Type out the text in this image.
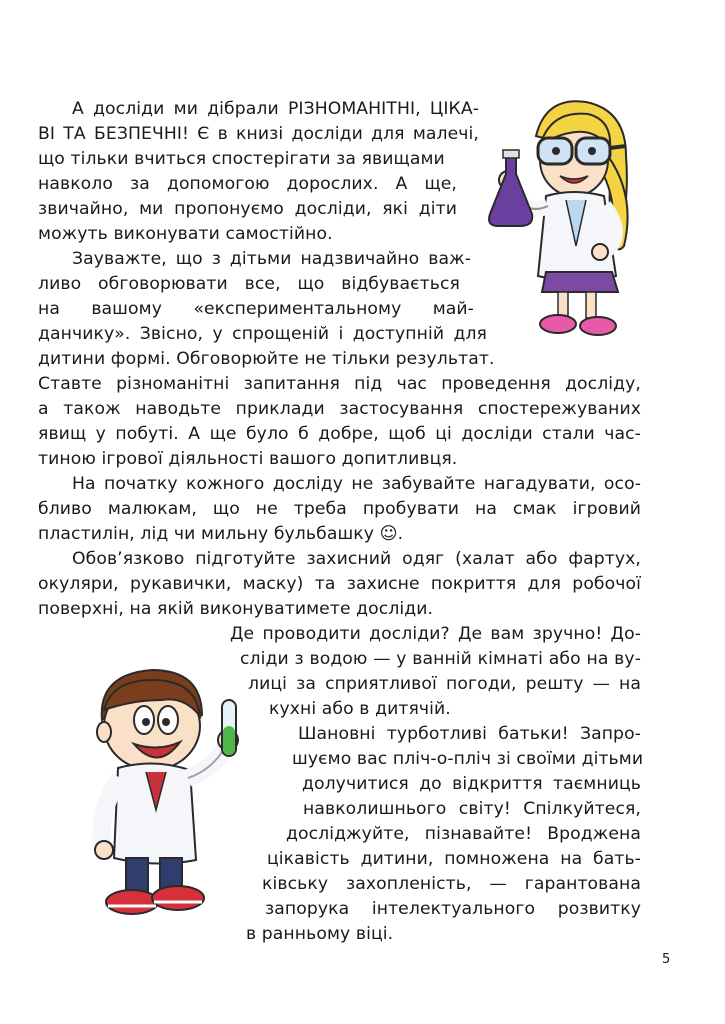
А досліди ми дібрали РІЗНОМАНІТНІ, ЦІКА-
ВІ ТА БЕЗПЕЧНІ! Є в книзі досліди для малечі,
що тільки вчиться спостерігати за явищами
навколо за допомогою дорослих. А ще,
звичайно, ми пропонуємо досліди, які діти
можуть виконувати самостійно.
Зауважте, що з дітьми надзвичайно важ-
ливо обговорювати все, що відбувається
на вашому «експериментальному май-
данчику». Звісно, у спрощеній і доступній для
дитини формі. Обговорюйте не тільки результат.
Ставте різноманітні запитання під час проведення досліду,
а також наводьте приклади застосування спостережуваних
явищ у побуті. А ще було б добре, щоб ці досліди стали час-
тиною ігрової діяльності вашого допитливця.
На початку кожного досліду не забувайте нагадувати, осо-
бливо малюкам, що не треба пробувати на смак ігровий
пластилін, лід чи мильну бульбашку ☺.
Обов’язково підготуйте захисний одяг (халат або фартух,
окуляри, рукавички, маску) та захисне покриття для робочої
поверхні, на якій виконуватимете досліди.
Де проводити досліди? Де вам зручно! До-
сліди з водою — у ванній кімнаті або на ву-
лиці за сприятливої погоди, решту — на
кухні або в дитячій.
Шановні турботливі батьки! Запро-
шуємо вас пліч-о-пліч зі своїми дітьми
долучитися до відкриття таємниць
навколишнього світу! Спілкуйтеся,
досліджуйте, пізнавайте! Вроджена
цікавість дитини, помножена на бать-
ківську захопленість, — гарантована
запорука інтелектуального розвитку
в ранньому віці.
5
